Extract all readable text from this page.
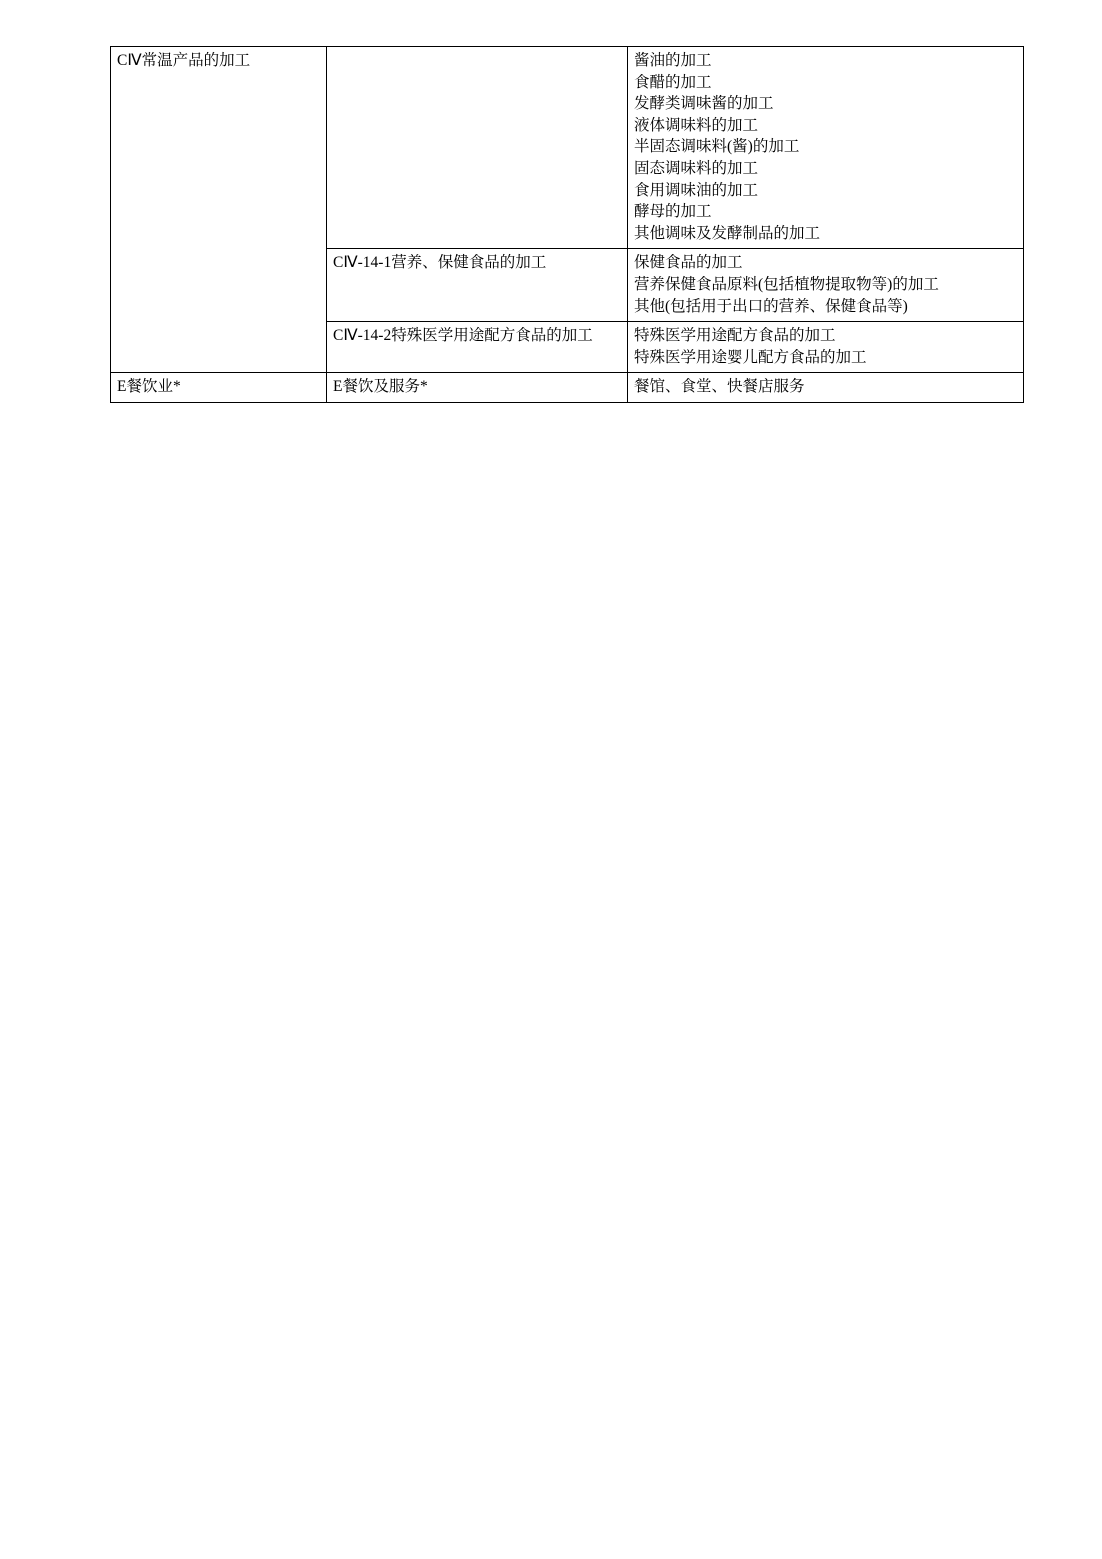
CⅣ常温产品的加工		酱油的加工
食醋的加工
发酵类调味酱的加工
液体调味料的加工
半固态调味料(酱)的加工
固态调味料的加工
食用调味油的加工
酵母的加工
其他调味及发酵制品的加工

	CⅣ-14-1营养、保健食品的加工	保健食品的加工
营养保健食品原料(包括植物提取物等)的加工
其他(包括用于出口的营养、保健食品等)

	CⅣ-14-2特殊医学用途配方食品的加工	特殊医学用途配方食品的加工
特殊医学用途婴儿配方食品的加工

E餐饮业*	E餐饮及服务*	餐馆、食堂、快餐店服务
